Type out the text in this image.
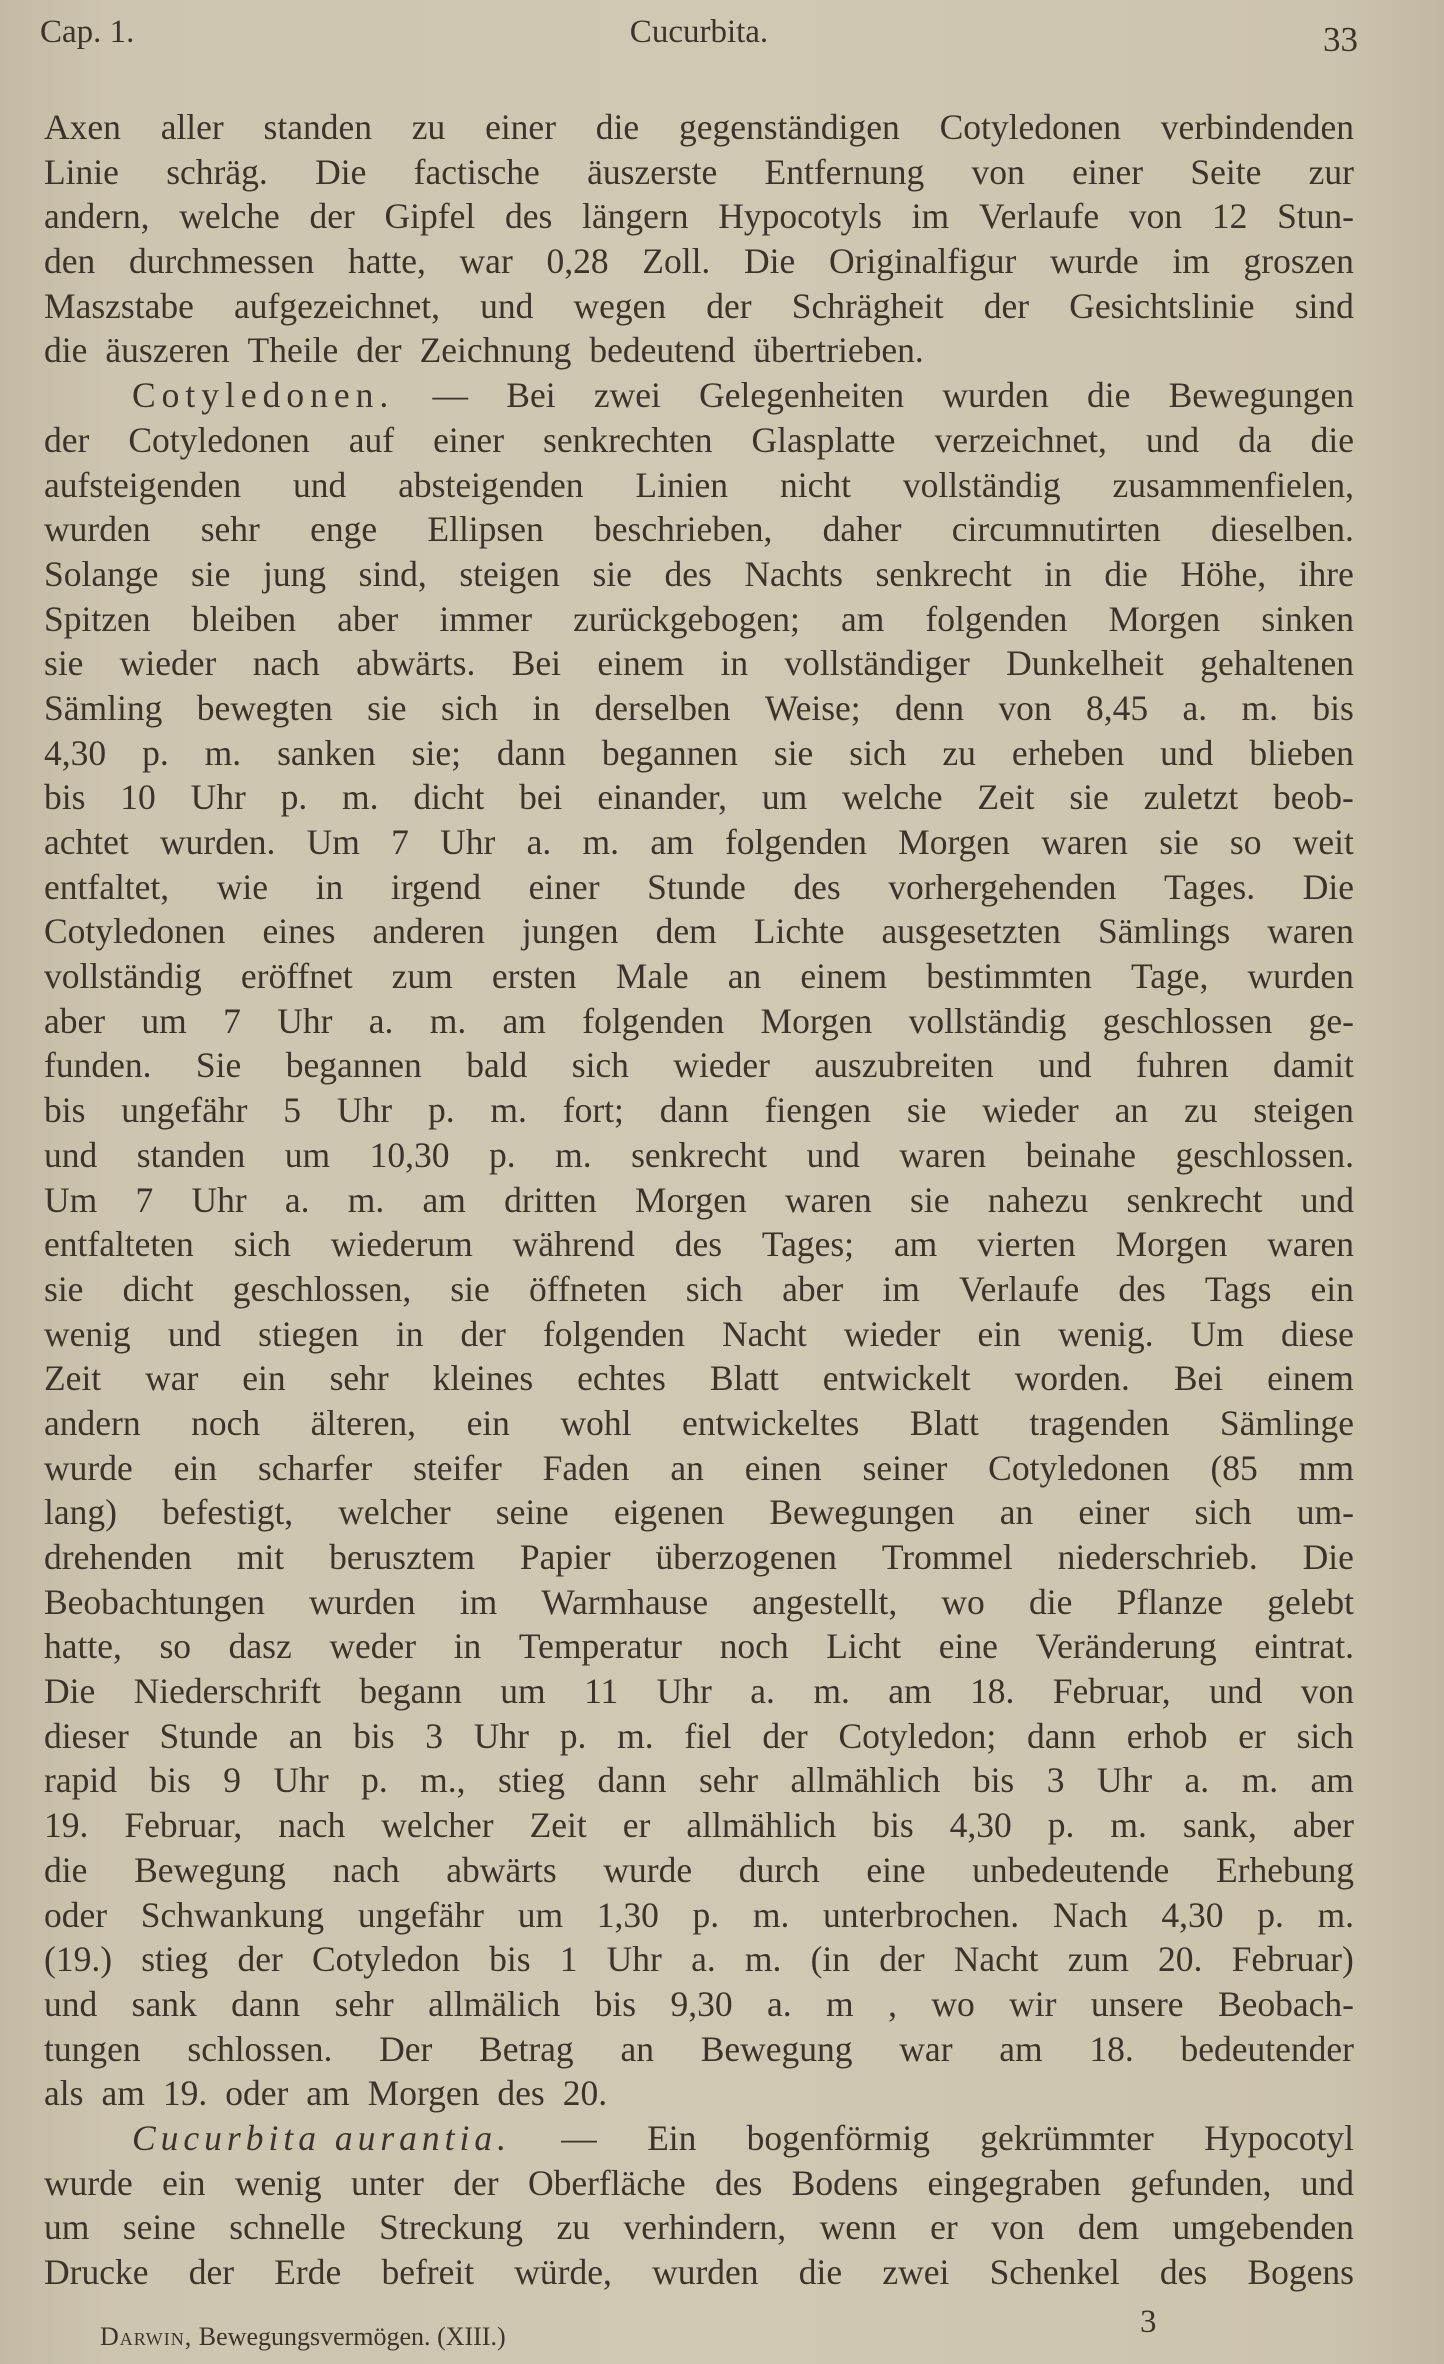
Cap. 1.	Cucurbita.	33
Axen aller standen zu einer die gegenständigen Cotyledonen verbindenden
Linie schräg. Die factische äuszerste Entfernung von einer Seite zur
andern, welche der Gipfel des längern Hypocotyls im Verlaufe von 12 Stun-
den durchmessen hatte, war 0,28 Zoll. Die Originalfigur wurde im groszen
Maszstabe aufgezeichnet, und wegen der Schrägheit der Gesichtslinie sind
die äuszeren Theile der Zeichnung bedeutend übertrieben.
Cotyledonen. — Bei zwei Gelegenheiten wurden die Bewegungen
der Cotyledonen auf einer senkrechten Glasplatte verzeichnet, und da die
aufsteigenden und absteigenden Linien nicht vollständig zusammenfielen,
wurden sehr enge Ellipsen beschrieben, daher circumnutirten dieselben.
Solange sie jung sind, steigen sie des Nachts senkrecht in die Höhe, ihre
Spitzen bleiben aber immer zurückgebogen; am folgenden Morgen sinken
sie wieder nach abwärts. Bei einem in vollständiger Dunkelheit gehaltenen
Sämling bewegten sie sich in derselben Weise; denn von 8,45 a. m. bis
4,30 p. m. sanken sie; dann begannen sie sich zu erheben und blieben
bis 10 Uhr p. m. dicht bei einander, um welche Zeit sie zuletzt beob-
achtet wurden. Um 7 Uhr a. m. am folgenden Morgen waren sie so weit
entfaltet, wie in irgend einer Stunde des vorhergehenden Tages. Die
Cotyledonen eines anderen jungen dem Lichte ausgesetzten Sämlings waren
vollständig eröffnet zum ersten Male an einem bestimmten Tage, wurden
aber um 7 Uhr a. m. am folgenden Morgen vollständig geschlossen ge-
funden. Sie begannen bald sich wieder auszubreiten und fuhren damit
bis ungefähr 5 Uhr p. m. fort; dann fiengen sie wieder an zu steigen
und standen um 10,30 p. m. senkrecht und waren beinahe geschlossen.
Um 7 Uhr a. m. am dritten Morgen waren sie nahezu senkrecht und
entfalteten sich wiederum während des Tages; am vierten Morgen waren
sie dicht geschlossen, sie öffneten sich aber im Verlaufe des Tags ein
wenig und stiegen in der folgenden Nacht wieder ein wenig. Um diese
Zeit war ein sehr kleines echtes Blatt entwickelt worden. Bei einem
andern noch älteren, ein wohl entwickeltes Blatt tragenden Sämlinge
wurde ein scharfer steifer Faden an einen seiner Cotyledonen (85 mm
lang) befestigt, welcher seine eigenen Bewegungen an einer sich um-
drehenden mit berusztem Papier überzogenen Trommel niederschrieb. Die
Beobachtungen wurden im Warmhause angestellt, wo die Pflanze gelebt
hatte, so dasz weder in Temperatur noch Licht eine Veränderung eintrat.
Die Niederschrift begann um 11 Uhr a. m. am 18. Februar, und von
dieser Stunde an bis 3 Uhr p. m. fiel der Cotyledon; dann erhob er sich
rapid bis 9 Uhr p. m., stieg dann sehr allmählich bis 3 Uhr a. m. am
19. Februar, nach welcher Zeit er allmählich bis 4,30 p. m. sank, aber
die Bewegung nach abwärts wurde durch eine unbedeutende Erhebung
oder Schwankung ungefähr um 1,30 p. m. unterbrochen. Nach 4,30 p. m.
(19.) stieg der Cotyledon bis 1 Uhr a. m. (in der Nacht zum 20. Februar)
und sank dann sehr allmälich bis 9,30 a. m , wo wir unsere Beobach-
tungen schlossen. Der Betrag an Bewegung war am 18. bedeutender
als am 19. oder am Morgen des 20.
Cucurbita aurantia. — Ein bogenförmig gekrümmter Hypocotyl
wurde ein wenig unter der Oberfläche des Bodens eingegraben gefunden, und
um seine schnelle Streckung zu verhindern, wenn er von dem umgebenden
Drucke der Erde befreit würde, wurden die zwei Schenkel des Bogens
Darwin, Bewegungsvermögen. (XIII.)	3
